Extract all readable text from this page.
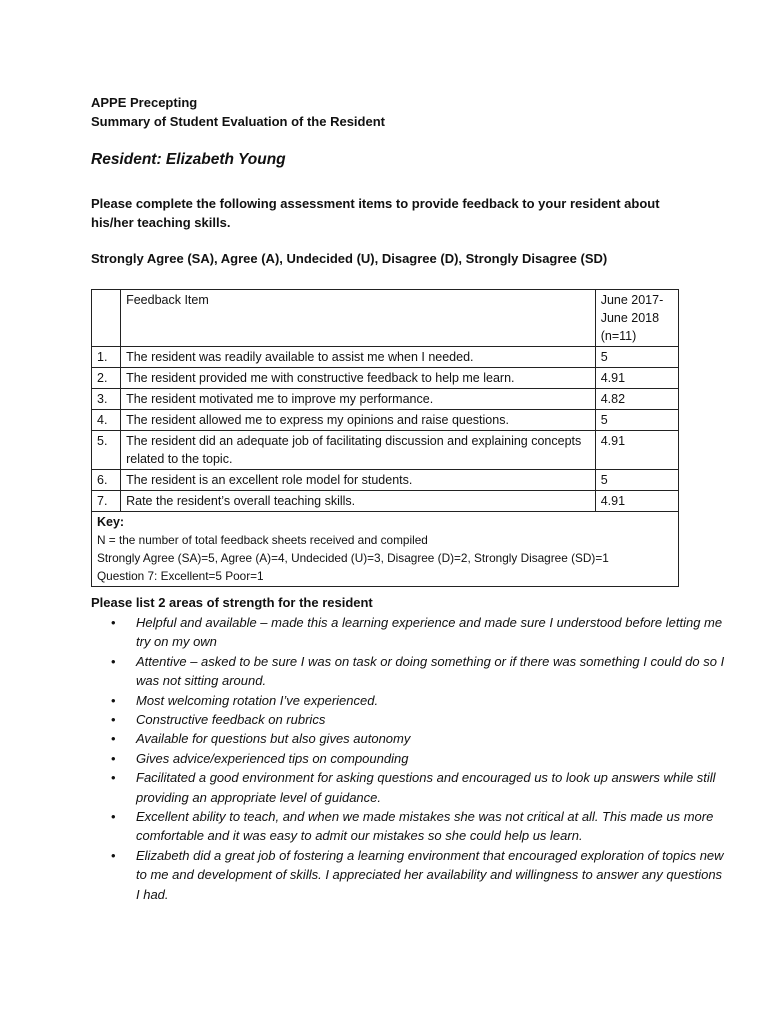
APPE Precepting
Summary of Student Evaluation of the Resident
Resident: Elizabeth Young
Please complete the following assessment items to provide feedback to your resident about his/her teaching skills.
Strongly Agree (SA), Agree (A), Undecided (U), Disagree (D), Strongly Disagree (SD)
	Feedback Item	June 2017-
June 2018
(n=11)

1.	The resident was readily available to assist me when I needed.	5
2.	The resident provided me with constructive feedback to help me learn.	4.91
3.	The resident motivated me to improve my performance.	4.82
4.	The resident allowed me to express my opinions and raise questions.	5
5.	The resident did an adequate job of facilitating discussion and explaining concepts related to the topic.	4.91
6.	The resident is an excellent role model for students.	5
7.	Rate the resident’s overall teaching skills.	4.91

Key:
N = the number of total feedback sheets received and compiled
Strongly Agree (SA)=5, Agree (A)=4, Undecided (U)=3, Disagree (D)=2, Strongly Disagree (SD)=1
Question 7: Excellent=5 Poor=1		
Please list 2 areas of strength for the resident
• Helpful and available – made this a learning experience and made sure I understood before letting me try on my own
• Attentive – asked to be sure I was on task or doing something or if there was something I could do so I was not sitting around.
• Most welcoming rotation I’ve experienced.
• Constructive feedback on rubrics
• Available for questions but also gives autonomy
• Gives advice/experienced tips on compounding
• Facilitated a good environment for asking questions and encouraged us to look up answers while still providing an appropriate level of guidance.
• Excellent ability to teach, and when we made mistakes she was not critical at all. This made us more comfortable and it was easy to admit our mistakes so she could help us learn.
• Elizabeth did a great job of fostering a learning environment that encouraged exploration of topics new to me and development of skills. I appreciated her availability and willingness to answer any questions I had.
